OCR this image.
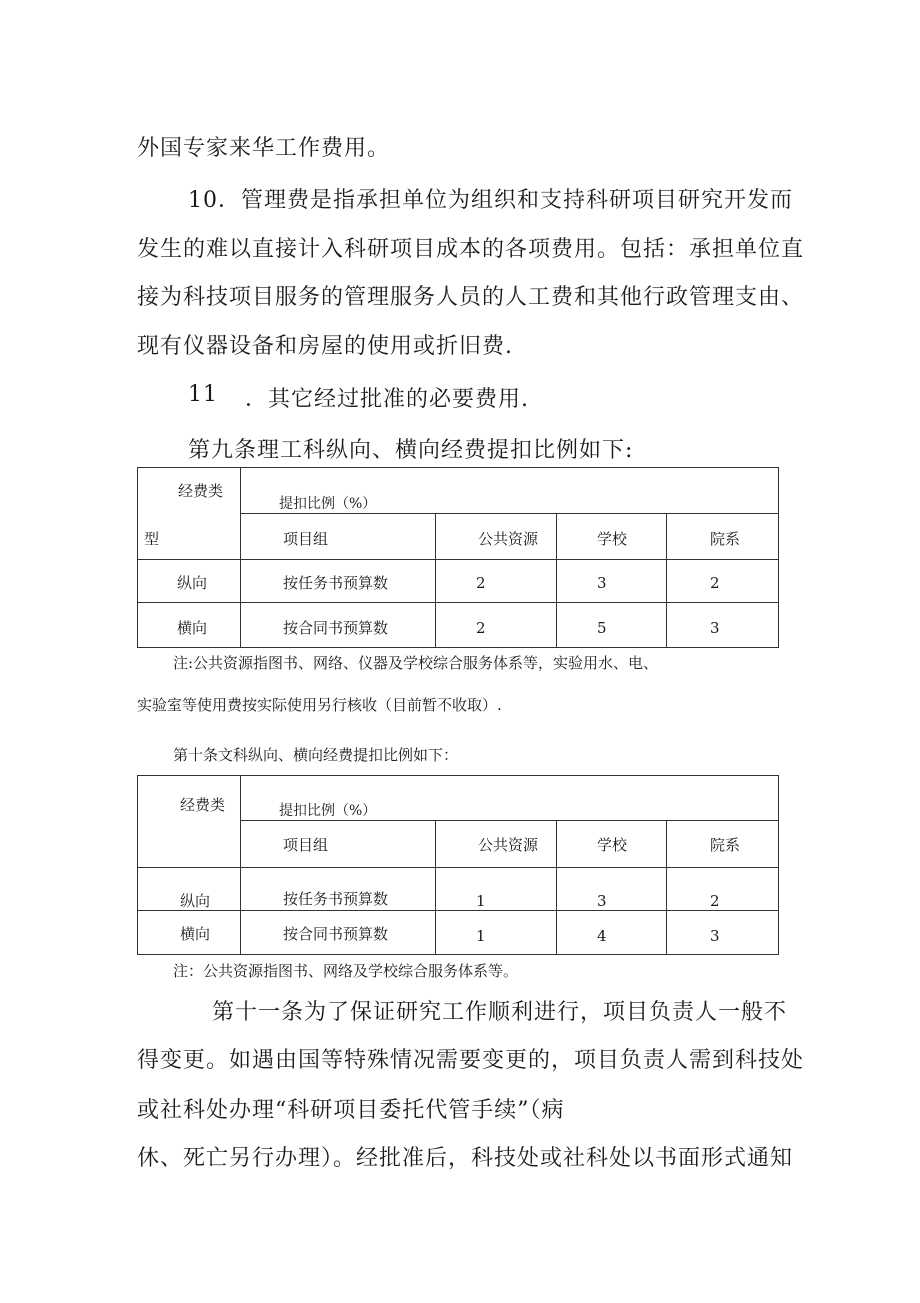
外国专家来华工作费用。
10．管理费是指承担单位为组织和支持科研项目研究开发而
发生的难以直接计入科研项目成本的各项费用。包括：承担单位直
接为科技项目服务的管理服务人员的人工费和其他行政管理支由、
现有仪器设备和房屋的使用或折旧费.
11 ．其它经过批准的必要费用.
第九条理工科纵向、横向经费提扣比例如下:
经费类
型	提扣比例（%）			

	项目组	公共资源	学校	院系

纵向	按任务书预算数	2	3	2

横向	按合同书预算数	2	5	3
注:公共资源指图书、网络、仪器及学校综合服务体系等，实验用水、电、
实验室等使用费按实际使用另行核收（目前暂不收取）.
第十条文科纵向、横向经费提扣比例如下：
经费类	提扣比例（%）			

	项目组	公共资源	学校	院系

纵向	按任务书预算数	1	3	2

横向	按合同书预算数	1	4	3
注：公共资源指图书、网络及学校综合服务体系等。
第十一条为了保证研究工作顺利进行，项目负责人一般不
得变更。如遇由国等特殊情况需要变更的，项目负责人需到科技处
或社科处办理“科研项目委托代管手续”（病
休、死亡另行办理）。经批准后，科技处或社科处以书面形式通知
